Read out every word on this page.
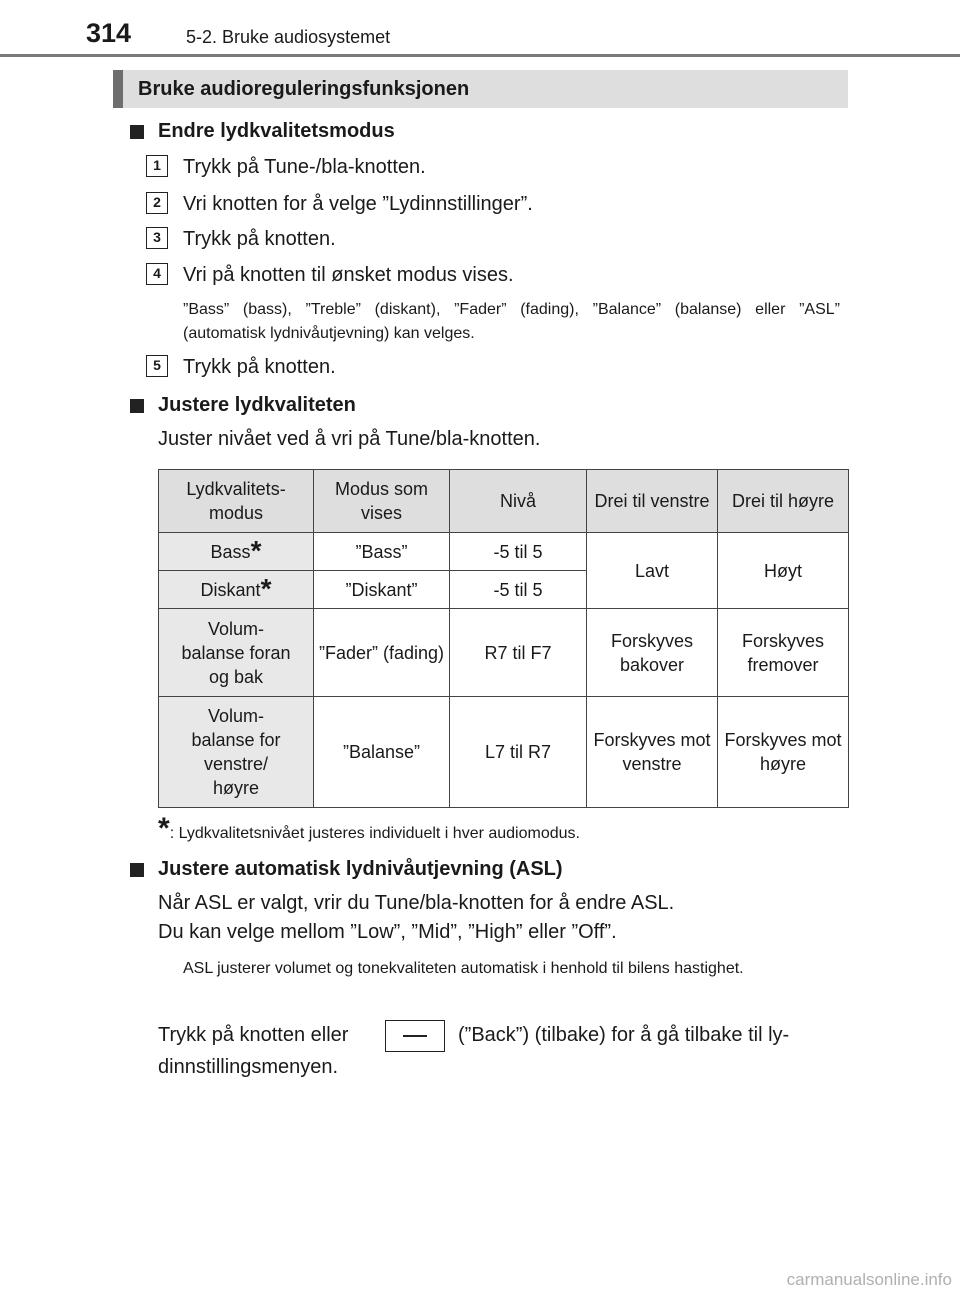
314	5-2. Bruke audiosystemet
Bruke audioreguleringsfunksjonen
Endre lydkvalitetsmodus
1	Trykk på Tune-/bla-knotten.
2	Vri knotten for å velge ”Lydinnstillinger”.
3	Trykk på knotten.
4	Vri på knotten til ønsket modus vises.
”Bass” (bass), ”Treble” (diskant), ”Fader” (fading), ”Balance” (balanse) eller ”ASL” (automatisk lydnivåutjevning) kan velges.
5	Trykk på knotten.
Justere lydkvaliteten
Juster nivået ved å vri på Tune/bla-knotten.
Lydkvalitets-modus	Modus som vises	Nivå	Drei til venstre	Drei til høyre
Bass*	”Bass”	-5 til 5	Lavt	Høyt
Diskant*	”Diskant”	-5 til 5		
Volum-balanse foran og bak	”Fader” (fading)	R7 til F7	Forskyves bakover	Forskyves fremover
Volum-balanse for venstre/ høyre	”Balanse”	L7 til R7	Forskyves mot venstre	Forskyves mot høyre
*: Lydkvalitetsnivået justeres individuelt i hver audiomodus.
Justere automatisk lydnivåutjevning (ASL)
Når ASL er valgt, vrir du Tune/bla-knotten for å endre ASL.
Du kan velge mellom ”Low”, ”Mid”, ”High” eller ”Off”.
ASL justerer volumet og tonekvaliteten automatisk i henhold til bilens hastighet.
Trykk på knotten eller	(”Back”) (tilbake) for å gå tilbake til ly-
dinnstillingsmenyen.
carmanualsonline.info
